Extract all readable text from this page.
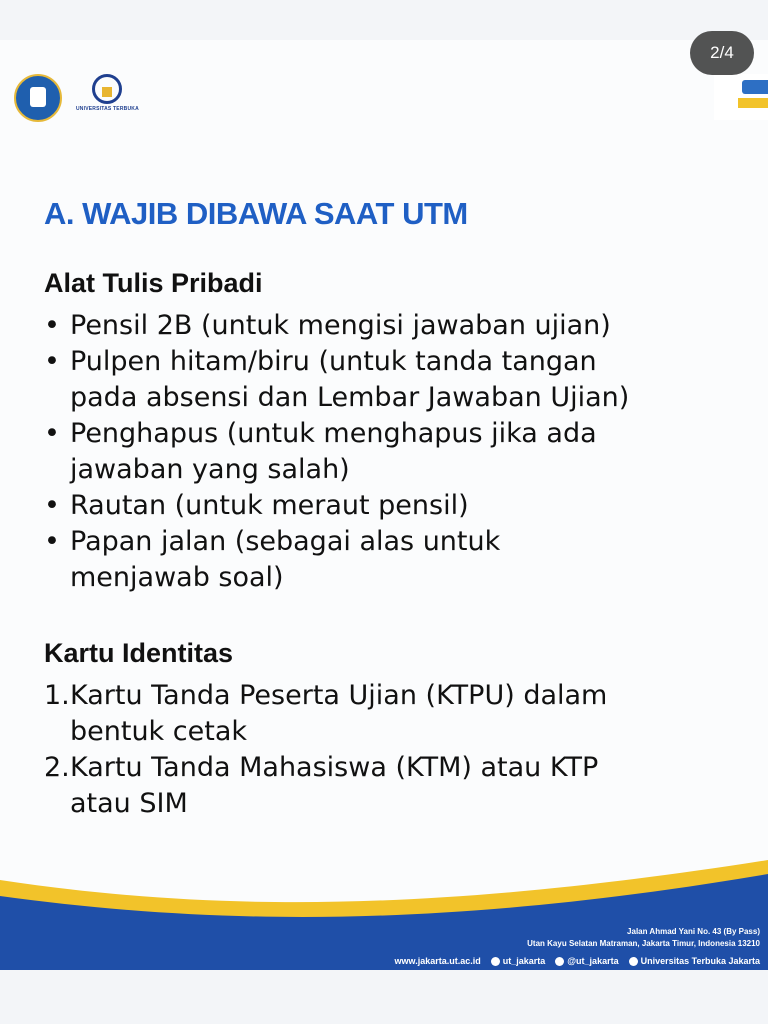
UNIVERSITAS TERBUKA
A. WAJIB DIBAWA SAAT UTM
Alat Tulis Pribadi
• Pensil 2B (untuk mengisi jawaban ujian)
• Pulpen hitam/biru (untuk tanda tangan
pada absensi dan Lembar Jawaban Ujian)
• Penghapus (untuk menghapus jika ada
jawaban yang salah)
• Rautan (untuk meraut pensil)
• Papan jalan (sebagai alas untuk
menjawab soal)
Kartu Identitas
1. Kartu Tanda Peserta Ujian (KTPU) dalam
bentuk cetak
2. Kartu Tanda Mahasiswa (KTM) atau KTP
atau SIM
Jalan Ahmad Yani No. 43 (By Pass)
Utan Kayu Selatan Matraman, Jakarta Timur, Indonesia 13210
www.jakarta.ut.ac.id	ut_jakarta	@ut_jakarta	Universitas Terbuka Jakarta
2/4
